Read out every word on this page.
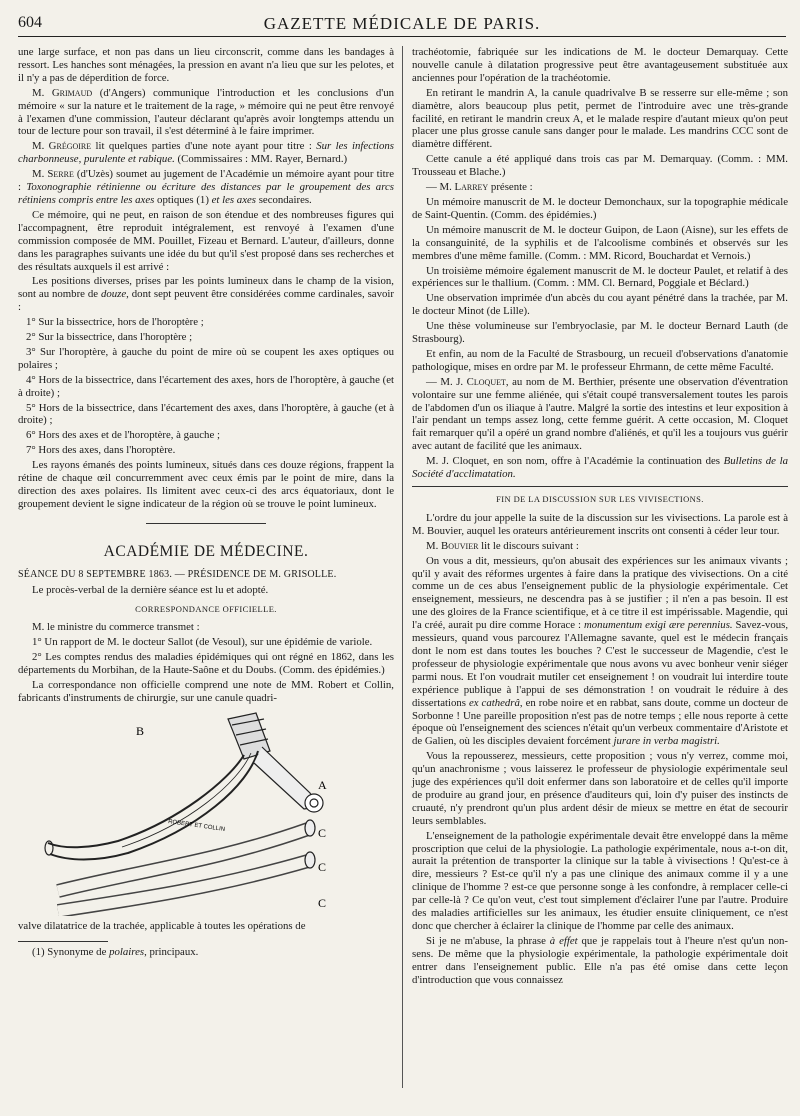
604	GAZETTE MÉDICALE DE PARIS.

une large surface, et non pas dans un lieu circonscrit, comme dans les bandages à ressort. Les hanches sont ménagées, la pression en avant n'a lieu que sur les pelotes, et il n'y a pas de déperdition de force.

M. Grimaud (d'Angers) communique l'introduction et les conclusions d'un mémoire « sur la nature et le traitement de la rage, » mémoire qui ne peut être renvoyé à l'examen d'une commission, l'auteur déclarant qu'après avoir longtemps attendu un tour de lecture pour son travail, il s'est déterminé à le faire imprimer.

M. Grégoire lit quelques parties d'une note ayant pour titre : Sur les infections charbonneuse, purulente et rabique. (Commissaires : MM. Rayer, Bernard.)

M. Serre (d'Uzès) soumet au jugement de l'Académie un mémoire ayant pour titre : Toxonographie rétinienne ou écriture des distances par le groupement des arcs rétiniens compris entre les axes optiques (1) et les axes secondaires.

Ce mémoire, qui ne peut, en raison de son étendue et des nombreuses figures qui l'accompagnent, être reproduit intégralement, est renvoyé à l'examen d'une commission composée de MM. Pouillet, Fizeau et Bernard. L'auteur, d'ailleurs, donne dans les paragraphes suivants une idée du but qu'il s'est proposé dans ses recherches et des résultats auxquels il est arrivé :

Les positions diverses, prises par les points lumineux dans le champ de la vision, sont au nombre de douze, dont sept peuvent être considérées comme cardinales, savoir :

1° Sur la bissectrice, hors de l'horoptère ;

2° Sur la bissectrice, dans l'horoptère ;

3° Sur l'horoptère, à gauche du point de mire où se coupent les axes optiques ou polaires ;

4° Hors de la bissectrice, dans l'écartement des axes, hors de l'horoptère, à gauche (et à droite) ;

5° Hors de la bissectrice, dans l'écartement des axes, dans l'horoptère, à gauche (et à droite) ;

6° Hors des axes et de l'horoptère, à gauche ;

7° Hors des axes, dans l'horoptère.

Les rayons émanés des points lumineux, situés dans ces douze régions, frappent la rétine de chaque œil concurremment avec ceux émis par le point de mire, dans la direction des axes polaires. Ils limitent avec ceux-ci des arcs équatoriaux, dont le groupement devient le signe indicateur de la région où se trouve le point lumineux.

ACADÉMIE DE MÉDECINE.

SÉANCE DU 8 SEPTEMBRE 1863. — PRÉSIDENCE DE M. GRISOLLE.

Le procès-verbal de la dernière séance est lu et adopté.

CORRESPONDANCE OFFICIELLE.

M. le ministre du commerce transmet :

1° Un rapport de M. le docteur Sallot (de Vesoul), sur une épidémie de variole.

2° Les comptes rendus des maladies épidémiques qui ont régné en 1862, dans les départements du Morbihan, de la Haute-Saône et du Doubs. (Comm. des épidémies.)

La correspondance non officielle comprend une note de MM. Robert et Collin, fabricants d'instruments de chirurgie, sur une canule quadri-

B
A
C
C
C
ROBERT ET COLLIN

valve dilatatrice de la trachée, applicable à toutes les opérations de

(1) Synonyme de polaires, principaux.

trachéotomie, fabriquée sur les indications de M. le docteur Demarquay. Cette nouvelle canule à dilatation progressive peut être avantageusement substituée aux anciennes pour l'opération de la trachéotomie.

En retirant le mandrin A, la canule quadrivalve B se resserre sur elle-même ; son diamètre, alors beaucoup plus petit, permet de l'introduire avec une très-grande facilité, en retirant le mandrin creux A, et le malade respire d'autant mieux qu'on peut placer une plus grosse canule sans danger pour le malade. Les mandrins CCC sont de diamètre différent.

Cette canule a été appliqué dans trois cas par M. Demarquay. (Comm. : MM. Trousseau et Blache.)

— M. Larrey présente :

Un mémoire manuscrit de M. le docteur Demonchaux, sur la topographie médicale de Saint-Quentin. (Comm. des épidémies.)

Un mémoire manuscrit de M. le docteur Guipon, de Laon (Aisne), sur les effets de la consanguinité, de la syphilis et de l'alcoolisme combinés et observés sur les membres d'une même famille. (Comm. : MM. Ricord, Bouchardat et Vernois.)

Un troisième mémoire également manuscrit de M. le docteur Paulet, et relatif à des expériences sur le thallium. (Comm. : MM. Cl. Bernard, Poggiale et Béclard.)

Une observation imprimée d'un abcès du cou ayant pénétré dans la trachée, par M. le docteur Minot (de Lille).

Une thèse volumineuse sur l'embryoclasie, par M. le docteur Bernard Lauth (de Strasbourg).

Et enfin, au nom de la Faculté de Strasbourg, un recueil d'observations d'anatomie pathologique, mises en ordre par M. le professeur Ehrmann, de cette même Faculté.

— M. J. Cloquet, au nom de M. Berthier, présente une observation d'éventration volontaire sur une femme aliénée, qui s'était coupé transversalement toutes les parois de l'abdomen d'un os iliaque à l'autre. Malgré la sortie des intestins et leur exposition à l'air pendant un temps assez long, cette femme guérit. A cette occasion, M. Cloquet fait remarquer qu'il a opéré un grand nombre d'aliénés, et qu'il les a toujours vus guérir avec autant de facilité que les animaux.

M. J. Cloquet, en son nom, offre à l'Académie la continuation des Bulletins de la Société d'acclimatation.

FIN DE LA DISCUSSION SUR LES VIVISECTIONS.

L'ordre du jour appelle la suite de la discussion sur les vivisections. La parole est à M. Bouvier, auquel les orateurs antérieurement inscrits ont consenti à céder leur tour.

M. Bouvier lit le discours suivant :

On vous a dit, messieurs, qu'on abusait des expériences sur les animaux vivants ; qu'il y avait des réformes urgentes à faire dans la pratique des vivisections. On a cité comme un de ces abus l'enseignement public de la physiologie expérimentale. Cet enseignement, messieurs, ne descendra pas à se justifier ; il n'en a pas besoin. Il est une des gloires de la France scientifique, et à ce titre il est impérissable. Magendie, qui l'a créé, aurait pu dire comme Horace : monumentum exigi ære perennius. Savez-vous, messieurs, quand vous parcourez l'Allemagne savante, quel est le médecin français dont le nom est dans toutes les bouches ? C'est le successeur de Magendie, c'est le professeur de physiologie expérimentale que nous avons vu avec bonheur venir siéger parmi nous. Et l'on voudrait mutiler cet enseignement ! on voudrait lui interdire toute expérience publique à l'appui de ses démonstration ! on voudrait le réduire à des dissertations ex cathedrâ, en robe noire et en rabbat, sans doute, comme un docteur de Sorbonne ! Une pareille proposition n'est pas de notre temps ; elle nous reporte à cette époque où l'enseignement des sciences n'était qu'un verbeux commentaire d'Aristote et de Galien, où les disciples devaient forcément jurare in verba magistri.

Vous la repousserez, messieurs, cette proposition ; vous n'y verrez, comme moi, qu'un anachronisme ; vous laisserez le professeur de physiologie expérimentale seul juge des expériences qu'il doit enfermer dans son laboratoire et de celles qu'il importe de produire au grand jour, en présence d'auditeurs qui, loin d'y puiser des instincts de cruauté, n'y prendront qu'un plus ardent désir de mieux se mettre en état de secourir leurs semblables.

L'enseignement de la pathologie expérimentale devait être enveloppé dans la même proscription que celui de la physiologie. La pathologie expérimentale, nous a-t-on dit, aurait la prétention de transporter la clinique sur la table à vivisections ! Qu'est-ce à dire, messieurs ? Est-ce qu'il n'y a pas une clinique des animaux comme il y a une clinique de l'homme ? est-ce que personne songe à les confondre, à remplacer celle-ci par celle-là ? Ce qu'on veut, c'est tout simplement d'éclairer l'une par l'autre. Produire des maladies artificielles sur les animaux, les étudier ensuite cliniquement, ce n'est donc que chercher à éclairer la clinique de l'homme par celle des animaux.

Si je ne m'abuse, la phrase à effet que je rappelais tout à l'heure n'est qu'un non-sens. De même que la physiologie expérimentale, la pathologie expérimentale doit entrer dans l'enseignement public. Elle n'a pas été omise dans cette leçon d'introduction que vous connaissez
